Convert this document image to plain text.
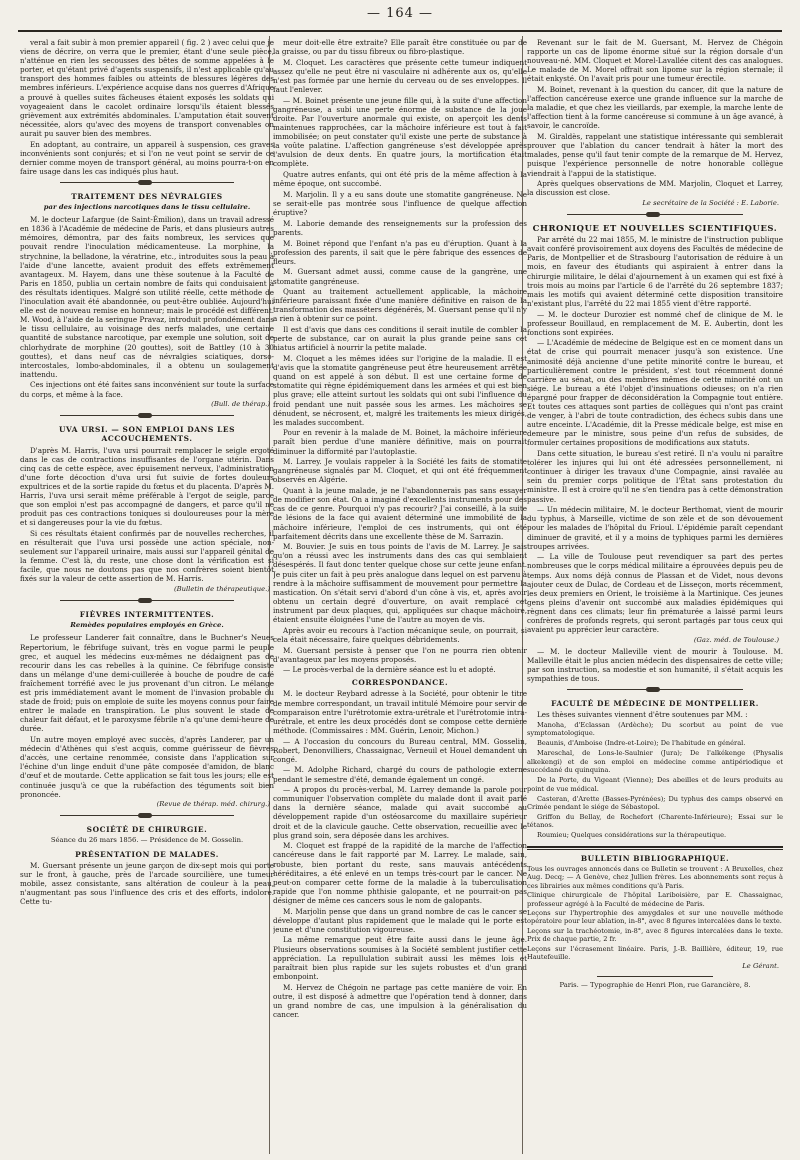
— 164 —

veral a fait subir à mon premier appareil ( fig. 2 ) avec celui que je viens de décrire, on verra que le premier, étant d'une seule pièce, n'atténue en rien les secousses des bêtes de somme appelées à le porter, et qu'étant privé d'agents suspensifs, il n'est applicable qu'au transport des hommes faibles ou atteints de blessures légères des membres inférieurs. L'expérience acquise dans nos guerres d'Afrique a prouvé à quelles suites fâcheuses étaient exposés les soldats qui voyageaient dans le cacolet ordinaire lorsqu'ils étaient blessés grièvement aux extrémités abdominales. L'amputation était souvent nécessitée, alors qu'avec des moyens de transport convenables on aurait pu sauver bien des membres.

En adoptant, au contraire, un appareil à suspension, ces graves inconvénients sont conjurés; et si l'on ne veut point se servir de ce dernier comme moyen de transport général, au moins pourra-t-on en faire usage dans les cas indiqués plus haut.

TRAITEMENT DES NÉVRALGIES
par des injections narcotiques dans le tissu cellulaire.

M. le docteur Lafargue (de Saint-Émilion), dans un travail adressé en 1836 à l'Académie de médecine de Paris, et dans plusieurs autres mémoires, démontra, par des faits nombreux, les services que pouvait rendre l'inoculation médicamenteuse. La morphine, la strychnine, la belladone, la vératrine, etc., introduites sous la peau à l'aide d'une lancette, avaient produit des effets extrêmement avantageux. M. Hayem, dans une thèse soutenue à la Faculté de Paris en 1850, publia un certain nombre de faits qui conduisaient à des résultats identiques. Malgré son utilité réelle, cette méthode de l'inoculation avait été abandonnée, ou peut-être oubliée. Aujourd'hui elle est de nouveau remise en honneur; mais le procédé est différent. M. Wood, à l'aide de la seringue Pravaz, introduit profondément dans le tissu cellulaire, au voisinage des nerfs malades, une certaine quantité de substance narcotique, par exemple une solution, soit de chlorhydrate de morphine (20 gouttes), soit de Battley (10 à 30 gouttes), et dans neuf cas de névralgies sciatiques, dorso-intercostales, lombo-abdominales, il a obtenu un soulagement inattendu.

Ces injections ont été faites sans inconvénient sur toute la surface du corps, et même à la face.

(Bull. de thérap.)
UVA URSI. — SON EMPLOI DANS LES ACCOUCHEMENTS.

D'après M. Harris, l'uva ursi pourrait remplacer le seigle ergoté dans le cas de contractions insuffisantes de l'organe utérin. Dans cinq cas de cette espèce, avec épuisement nerveux, l'administration d'une forte décoction d'uva ursi fut suivie de fortes douleurs expultrices et de la sortie rapide du fœtus et du placenta. D'après M. Harris, l'uva ursi serait même préférable à l'ergot de seigle, parce que son emploi n'est pas accompagné de dangers, et parce qu'il ne produit pas ces contractions toniques si douloureuses pour la mère et si dangereuses pour la vie du fœtus.

Si ces résultats étaient confirmés par de nouvelles recherches, il en résulterait que l'uva ursi possède une action spéciale, non-seulement sur l'appareil urinaire, mais aussi sur l'appareil génital de la femme. C'est là, du reste, une chose dont la vérification est si facile, que nous ne doutons pas que nos confrères soient bientôt fixés sur la valeur de cette assertion de M. Harris.

(Bulletin de thérapeutique.)
FIÈVRES INTERMITTENTES.
Remèdes populaires employés en Grèce.

Le professeur Landerer fait connaître, dans le Buchner's Neues Repertorium, le fébrifuge suivant, très en vogue parmi le peuple grec, et auquel les médecins eux-mêmes ne dédaignent pas de recourir dans les cas rebelles à la quinine. Ce fébrifuge consiste dans un mélange d'une demi-cuillerée à bouche de poudre de café fraîchement torréfié avec le jus provenant d'un citron. Le mélange est pris immédiatement avant le moment de l'invasion probable du stade de froid; puis on emploie de suite les moyens connus pour faire entrer le malade en transpiration. Le plus souvent le stade de chaleur fait défaut, et le paroxysme fébrile n'a qu'une demi-heure de durée.

Un autre moyen employé avec succès, d'après Landerer, par un médecin d'Athènes qui s'est acquis, comme guérisseur de fièvres d'accès, une certaine renommée, consiste dans l'application sur l'échine d'un linge enduit d'une pâte composée d'amidon, de blanc d'œuf et de moutarde. Cette application se fait tous les jours; elle est continuée jusqu'à ce que la rubéfaction des téguments soit bien prononcée.

(Revue de thérap. méd. chirurg.)
SOCIÉTÉ DE CHIRURGIE.
Séance du 26 mars 1856. — Présidence de M. Gosselin.
PRÉSENTATION DE MALADES.

M. Guersant présente un jeune garçon de dix-sept mois qui porte sur le front, à gauche, près de l'arcade sourcilière, une tumeur mobile, assez consistante, sans altération de couleur à la peau, n'augmentant pas sous l'influence des cris et des efforts, indolore. Cette tu-

meur doit-elle être extraite? Elle paraît être constituée ou par de la graisse, ou par du tissu fibreux ou fibro-plastique.

M. Cloquet. Les caractères que présente cette tumeur indiquent assez qu'elle ne peut être ni vasculaire ni adhérente aux os, qu'elle n'est pas formée par une hernie du cerveau ou de ses enveloppes. Il faut l'enlever.

— M. Boinet présente une jeune fille qui, à la suite d'une affection gangréneuse, a subi une perte énorme de substance de la joue droite. Par l'ouverture anormale qui existe, on aperçoit les dents maintenues rapprochées, car la mâchoire inférieure est tout à fait immobilisée; on peut constater qu'il existe une perte de substance à la voûte palatine. L'affection gangréneuse s'est développée après l'avulsion de deux dents. En quatre jours, la mortification était complète.

Quatre autres enfants, qui ont été pris de la même affection à la même époque, ont succombé.

M. Marjolin. Il y a eu sans doute une stomatite gangréneuse. Ne se serait-elle pas montrée sous l'influence de quelque affection éruptive?

M. Laborie demande des renseignements sur la profession des parents.

M. Boinet répond que l'enfant n'a pas eu d'éruption. Quant à la profession des parents, il sait que le père fabrique des essences de fleurs.

M. Guersant admet aussi, comme cause de la gangrène, une stomatite gangréneuse.

Quant au traitement actuellement applicable, la mâchoire inférieure paraissant fixée d'une manière définitive en raison de la transformation des masséters dégénérés, M. Guersant pense qu'il n'y a rien à obtenir sur ce point.

Il est d'avis que dans ces conditions il serait inutile de combler la perte de substance, car on aurait la plus grande peine sans cet hiatus artificiel à nourrir la petite malade.

M. Cloquet a les mêmes idées sur l'origine de la maladie. Il est d'avis que la stomatite gangréneuse peut être heureusement arrêtée quand on est appelé à son début. Il est une certaine forme de stomatite qui règne épidémiquement dans les armées et qui est bien plus grave; elle atteint surtout les soldats qui ont subi l'influence du froid pendant une nuit passée sous les armes. Les mâchoires se dénudent, se nécrosent, et, malgré les traitements les mieux dirigés, les malades succombent.

Pour en revenir à la malade de M. Boinet, la mâchoire inférieure paraît bien perdue d'une manière définitive, mais on pourrait diminuer la difformité par l'autoplastie.

M. Larrey. Je voulais rappeler à la Société les faits de stomatite gangréneuse signalés par M. Cloquet, et qui ont été fréquemment observés en Algérie.

Quant à la jeune malade, je ne l'abandonnerais pas sans essayer de modifier son état. On a imaginé d'excellents instruments pour des cas de ce genre. Pourquoi n'y pas recourir? J'ai conseillé, à la suite de lésions de la face qui avaient déterminé une immobilité de la mâchoire inférieure, l'emploi de ces instruments, qui ont été parfaitement décrits dans une excellente thèse de M. Sarrazin.

M. Bouvier. Je suis en tous points de l'avis de M. Larrey. Je sais qu'on a réussi avec les instruments dans des cas qui semblaient désespérés. Il faut donc tenter quelque chose sur cette jeune enfant. Je puis citer un fait à peu près analogue dans lequel on est parvenu à rendre à la mâchoire suffisamment de mouvement pour permettre la mastication. On s'était servi d'abord d'un cône à vis, et, après avoir obtenu un certain degré d'ouverture, on avait remplacé cet instrument par deux plaques, qui, appliquées sur chaque mâchoire, étaient ensuite éloignées l'une de l'autre au moyen de vis.

Après avoir eu recours à l'action mécanique seule, on pourrait, si cela était nécessaire, faire quelques débridements.

M. Guersant persiste à penser que l'on ne pourra rien obtenir d'avantageux par les moyens proposés.

— Le procès-verbal de la dernière séance est lu et adopté.

CORRESPONDANCE.

M. le docteur Reybard adresse à la Société, pour obtenir le titre de membre correspondant, un travail intitulé Mémoire pour servir de comparaison entre l'urétrotomie extra-urétrale et l'urétrotomie intra-urétrale, et entre les deux procédés dont se compose cette dernière méthode. (Commissaires : MM. Guérin, Lenoir, Michon.)

— A l'occasion du concours du Bureau central, MM. Gosselin, Robert, Denonvilliers, Chassaignac, Verneuil et Houel demandent un congé.

— M. Adolphe Richard, chargé du cours de pathologie externe pendant le semestre d'été, demande également un congé.

— A propos du procès-verbal, M. Larrey demande la parole pour communiquer l'observation complète du malade dont il avait parlé dans la dernière séance, malade qui avait succombé au développement rapide d'un ostéosarcome du maxillaire supérieur droit et de la clavicule gauche. Cette observation, recueillie avec le plus grand soin, sera déposée dans les archives.

M. Cloquet est frappé de la rapidité de la marche de l'affection cancéreuse dans le fait rapporté par M. Larrey. Le malade, sain, robuste, bien portant du reste, sans mauvais antécédents héréditaires, a été enlevé en un temps très-court par le cancer. Ne peut-on comparer cette forme de la maladie à la tuberculisation rapide que l'on nomme phthisie galopante, et ne pourrait-on pas désigner de même ces cancers sous le nom de galopants.

M. Marjolin pense que dans un grand nombre de cas le cancer se développe d'autant plus rapidement que le malade qui le porte est jeune et d'une constitution vigoureuse.

La même remarque peut être faite aussi dans le jeune âge. Plusieurs observations soumises à la Société semblent justifier cette appréciation. La repullulation subirait aussi les mêmes lois et paraîtrait bien plus rapide sur les sujets robustes et d'un grand embonpoint.

M. Hervez de Chégoin ne partage pas cette manière de voir. En outre, il est disposé à admettre que l'opération tend à donner, dans un grand nombre de cas, une impulsion à la généralisation du cancer.

Revenant sur le fait de M. Guersant, M. Hervez de Chégoin rapporte un cas de lipome énorme situé sur la région dorsale d'un nouveau-né. MM. Cloquet et Morel-Lavallée citent des cas analogues. Le malade de M. Morel offrait son lipome sur la région sternale; il était enkysté. On l'avait pris pour une tumeur érectile.

M. Boinet, revenant à la question du cancer, dit que la nature de l'affection cancéreuse exerce une grande influence sur la marche de la maladie, et que chez les vieillards, par exemple, la marche lente de l'affection tient à la forme cancéreuse si commune à un âge avancé, à savoir, le cancroïde.

M. Giraldès, rappelant une statistique intéressante qui semblerait prouver que l'ablation du cancer tendrait à hâter la mort des malades, pense qu'il faut tenir compte de la remarque de M. Hervez, puisque l'expérience personnelle de notre honorable collègue viendrait à l'appui de la statistique.

Après quelques observations de MM. Marjolin, Cloquet et Larrey, la discussion est close.

Le secrétaire de la Société : E. Laborie.
CHRONIQUE ET NOUVELLES SCIENTIFIQUES.

Par arrêté du 22 mai 1855, M. le ministre de l'instruction publique avait conféré provisoirement aux doyens des Facultés de médecine de Paris, de Montpellier et de Strasbourg l'autorisation de réduire à un mois, en faveur des étudiants qui aspiraient à entrer dans la chirurgie militaire, le délai d'ajournement à un examen qui est fixé à trois mois au moins par l'article 6 de l'arrêté du 26 septembre 1837; mais les motifs qui avaient déterminé cette disposition transitoire n'existant plus, l'arrêté du 22 mai 1855 vient d'être rapporté.

— M. le docteur Durozier est nommé chef de clinique de M. le professeur Bouillaud, en remplacement de M. E. Aubertin, dont les fonctions sont expirées.

— L'Académie de médecine de Belgique est en ce moment dans un état de crise qui pourrait menacer jusqu'à son existence. Une animosité déjà ancienne d'une petite minorité contre le bureau, et particulièrement contre le président, s'est tout récemment donné carrière au sénat, ou des membres mêmes de cette minorité ont un siége. Le bureau a été l'objet d'insinuations odieuses; on n'a rien épargné pour frapper de déconsidération la Compagnie tout entière. Et toutes ces attaques sont parties de collègues qui n'ont pas craint de venger, à l'abri de toute contradiction, des échecs subis dans une autre enceinte. L'Académie, dit la Presse médicale belge, est mise en demeure par le ministre, sous peine d'un refus de subsides, de formuler certaines propositions de modifications aux statuts.

Dans cette situation, le bureau s'est retiré. Il n'a voulu ni paraître tolérer les injures qui lui ont été adressées personnellement, ni continuer à diriger les travaux d'une Compagnie, ainsi ravalée au sein du premier corps politique de l'État sans protestation du ministre. Il est à croire qu'il ne s'en tiendra pas à cette démonstration passive.

— Un médecin militaire, M. le docteur Berthomat, vient de mourir du typhus, à Marseille, victime de son zèle et de son dévouement pour les malades de l'hôpital du Frioul. L'épidémie paraît cependant diminuer de gravité, et il y a moins de typhiques parmi les dernières troupes arrivées.

— La ville de Toulouse peut revendiquer sa part des pertes nombreuses que le corps médical militaire a éprouvées depuis peu de temps. Aux noms déjà connus de Plassan et de Videt, nous devons ajouter ceux de Dulac, de Cordeau et de Lisseçon, morts récemment, les deux premiers en Orient, le troisième à la Martinique. Ces jeunes gens pleins d'avenir ont succombé aux maladies épidémiques qui règnent dans ces climats; leur fin prématurée a laissé parmi leurs confrères de profonds regrets, qui seront partagés par tous ceux qui avaient pu apprécier leur caractère.

(Gaz. méd. de Toulouse.)

— M. le docteur Malleville vient de mourir à Toulouse. M. Malleville était le plus ancien médecin des dispensaires de cette ville; par son instruction, sa modestie et son humanité, il s'était acquis les sympathies de tous.

FACULTÉ DE MÉDECINE DE MONTPELLIER.

Les thèses suivantes viennent d'être soutenues par MM. :

Manoha, d'Eclassan (Ardèche); Du scorbut au point de vue symptomatologique.

Beaunis, d'Amboise (Indre-et-Loire); De l'habitude en général.

Mareschal, de Lons-le-Saulnier (Jura); De l'alkékenge (Physalis alkekengi) et de son emploi en médecine comme antipériodique et succédané du quinquina.

De la Porte, du Vigeant (Vienne); Des abeilles et de leurs produits au point de vue médical.

Casteran, d'Arette (Basses-Pyrénées); Du typhus des camps observé en Crimée pendant le siége de Sébastopol.

Griffon du Bellay, de Rochefort (Charente-Inférieure); Essai sur le tétanos.

Roumieu; Quelques considérations sur la thérapeutique.

BULLETIN BIBLIOGRAPHIQUE.

Tous les ouvrages annoncés dans ce Bulletin se trouvent : A Bruxelles, chez Aug. Decq; — A Genève, chez Jullien frères. Les abonnements sont reçus à ces librairies aux mêmes conditions qu'à Paris.

Clinique chirurgicale de l'hôpital Lariboisière, par E. Chassaignac, professeur agrégé à la Faculté de médecine de Paris.

Leçons sur l'hypertrophie des amygdales et sur une nouvelle méthode opératoire pour leur ablation, in-8°, avec 8 figures intercalées dans le texte.

Leçons sur la trachéotomie, in-8°, avec 8 figures intercalées dans le texte. Prix de chaque partie, 2 fr.

Leçons sur l'écrasement linéaire. Paris, J.-B. Baillière, éditeur, 19, rue Hautefeuille.

Le Gérant.
Paris. — Typographie de Henri Plon, rue Garancière, 8.
